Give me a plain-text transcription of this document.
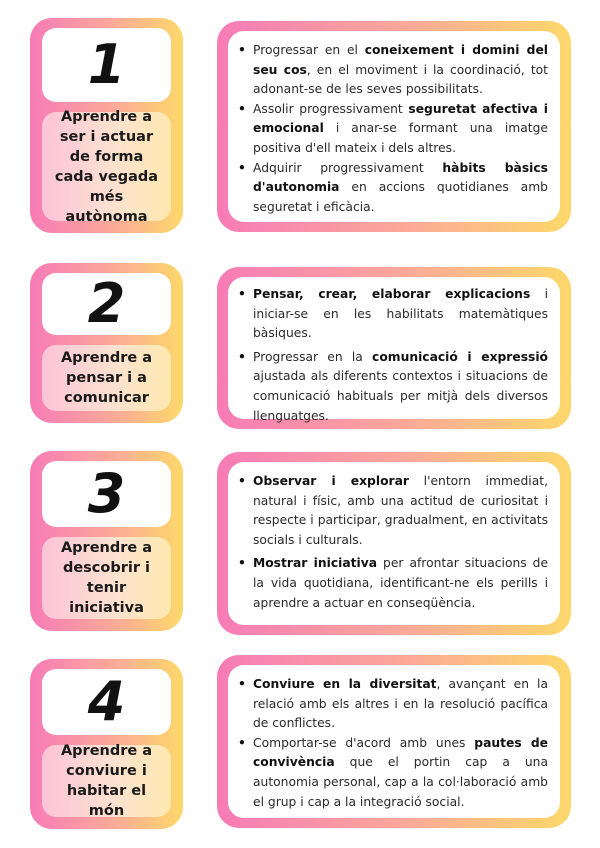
1
Aprendre a ser i actuar de forma cada vegada més autònoma
• Progressar en el coneixement i domini del seu cos, en el moviment i la coordinació, tot adonant-se de les seves possibilitats.
• Assolir progressivament seguretat afectiva i emocional i anar-se formant una imatge positiva d'ell mateix i dels altres.
• Adquirir progressivament hàbits bàsics d'autonomia en accions quotidianes amb seguretat i eficàcia.
2
Aprendre a pensar i a comunicar
• Pensar, crear, elaborar explicacions i iniciar-se en les habilitats matemàtiques bàsiques.
• Progressar en la comunicació i expressió ajustada als diferents contextos i situacions de comunicació habituals per mitjà dels diversos llenguatges.
3
Aprendre a descobrir i tenir iniciativa
• Observar i explorar l'entorn immediat, natural i físic, amb una actitud de curiositat i respecte i participar, gradualment, en activitats socials i culturals.
• Mostrar iniciativa per afrontar situacions de la vida quotidiana, identificant-ne els perills i aprendre a actuar en conseqüència.
4
Aprendre a conviure i habitar el món
• Conviure en la diversitat, avançant en la relació amb els altres i en la resolució pacífica de conflictes.
• Comportar-se d'acord amb unes pautes de convivència que el portin cap a una autonomia personal, cap a la col·laboració amb el grup i cap a la integració social.
